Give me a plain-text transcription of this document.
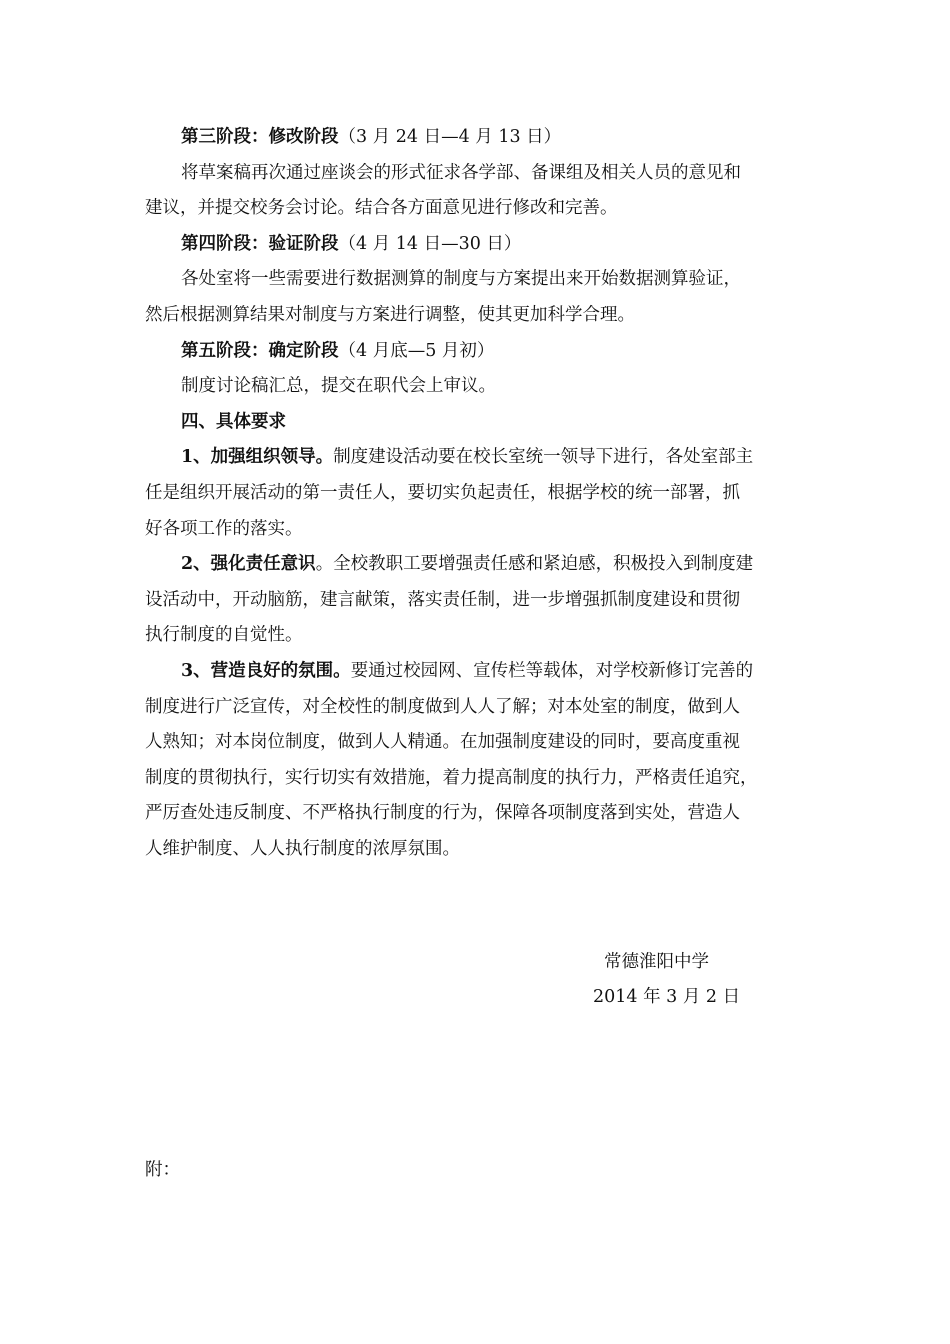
第三阶段：修改阶段（3 月 24 日—4 月 13 日）
将草案稿再次通过座谈会的形式征求各学部、备课组及相关人员的意见和
建议，并提交校务会讨论。结合各方面意见进行修改和完善。
第四阶段：验证阶段（4 月 14 日—30 日）
各处室将一些需要进行数据测算的制度与方案提出来开始数据测算验证，
然后根据测算结果对制度与方案进行调整，使其更加科学合理。
第五阶段：确定阶段（4 月底—5 月初）
制度讨论稿汇总，提交在职代会上审议。
四、具体要求
1、加强组织领导。制度建设活动要在校长室统一领导下进行，各处室部主
任是组织开展活动的第一责任人，要切实负起责任，根据学校的统一部署，抓
好各项工作的落实。
2、强化责任意识。全校教职工要增强责任感和紧迫感，积极投入到制度建
设活动中，开动脑筋，建言献策，落实责任制，进一步增强抓制度建设和贯彻
执行制度的自觉性。
3、营造良好的氛围。要通过校园网、宣传栏等载体，对学校新修订完善的
制度进行广泛宣传，对全校性的制度做到人人了解；对本处室的制度，做到人
人熟知；对本岗位制度，做到人人精通。在加强制度建设的同时，要高度重视
制度的贯彻执行，实行切实有效措施，着力提高制度的执行力，严格责任追究，
严厉查处违反制度、不严格执行制度的行为，保障各项制度落到实处，营造人
人维护制度、人人执行制度的浓厚氛围。
常德淮阳中学
2014 年 3 月 2 日
附：
